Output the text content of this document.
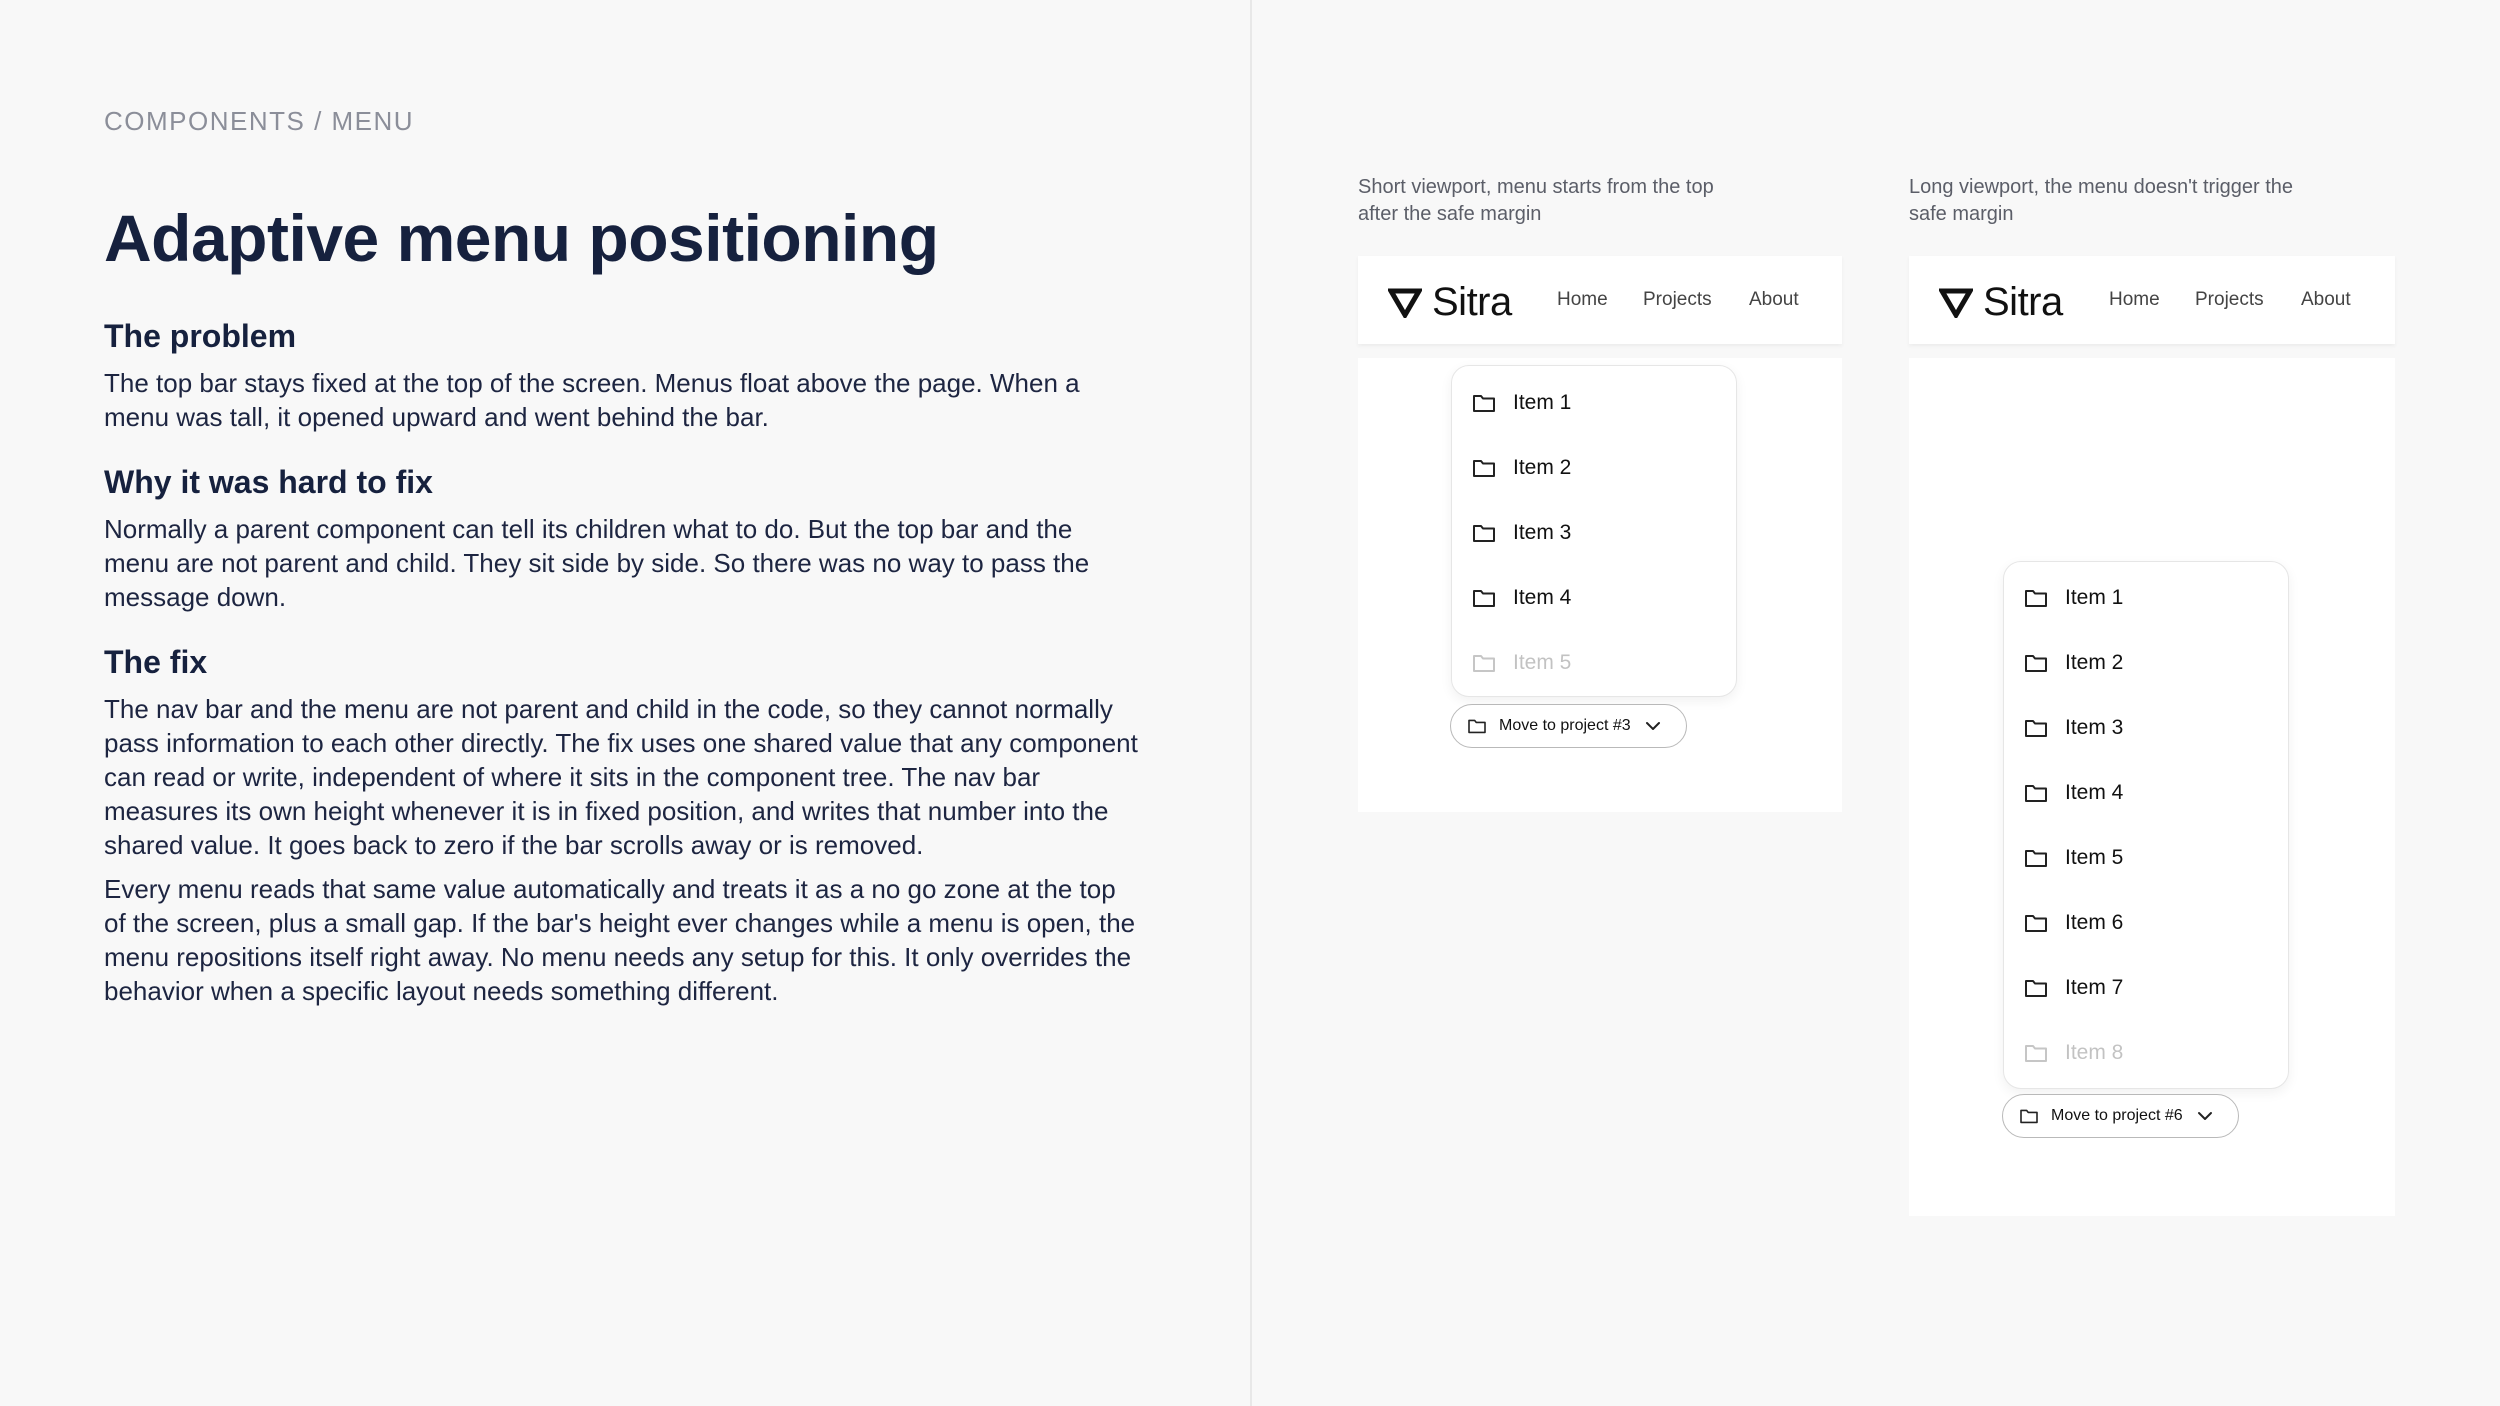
COMPONENTS / MENU
Adaptive menu positioning
The problem

The top bar stays fixed at the top of the screen. Menus float above the page. When a menu was tall, it opened upward and went behind the bar.

Why it was hard to fix

Normally a parent component can tell its children what to do. But the top bar and the menu are not parent and child. They sit side by side. So there was no way to pass the message down.

The fix

The nav bar and the menu are not parent and child in the code, so they cannot normally pass information to each other directly. The fix uses one shared value that any component can read or write, independent of where it sits in the component tree. The nav bar measures its own height whenever it is in fixed position, and writes that number into the shared value. It goes back to zero if the bar scrolls away or is removed.

Every menu reads that same value automatically and treats it as a no go zone at the top of the screen, plus a small gap. If the bar's height ever changes while a menu is open, the menu repositions itself right away. No menu needs any setup for this. It only overrides the behavior when a specific layout needs something different.

Short viewport, menu starts from the top after the safe margin
Sitra Home Projects About
Item 1
Item 2
Item 3
Item 4
Item 5
Move to project #3
Long viewport, the menu doesn't trigger the safe margin
Sitra Home Projects About
Item 1
Item 2
Item 3
Item 4
Item 5
Item 6
Item 7
Item 8
Move to project #6
